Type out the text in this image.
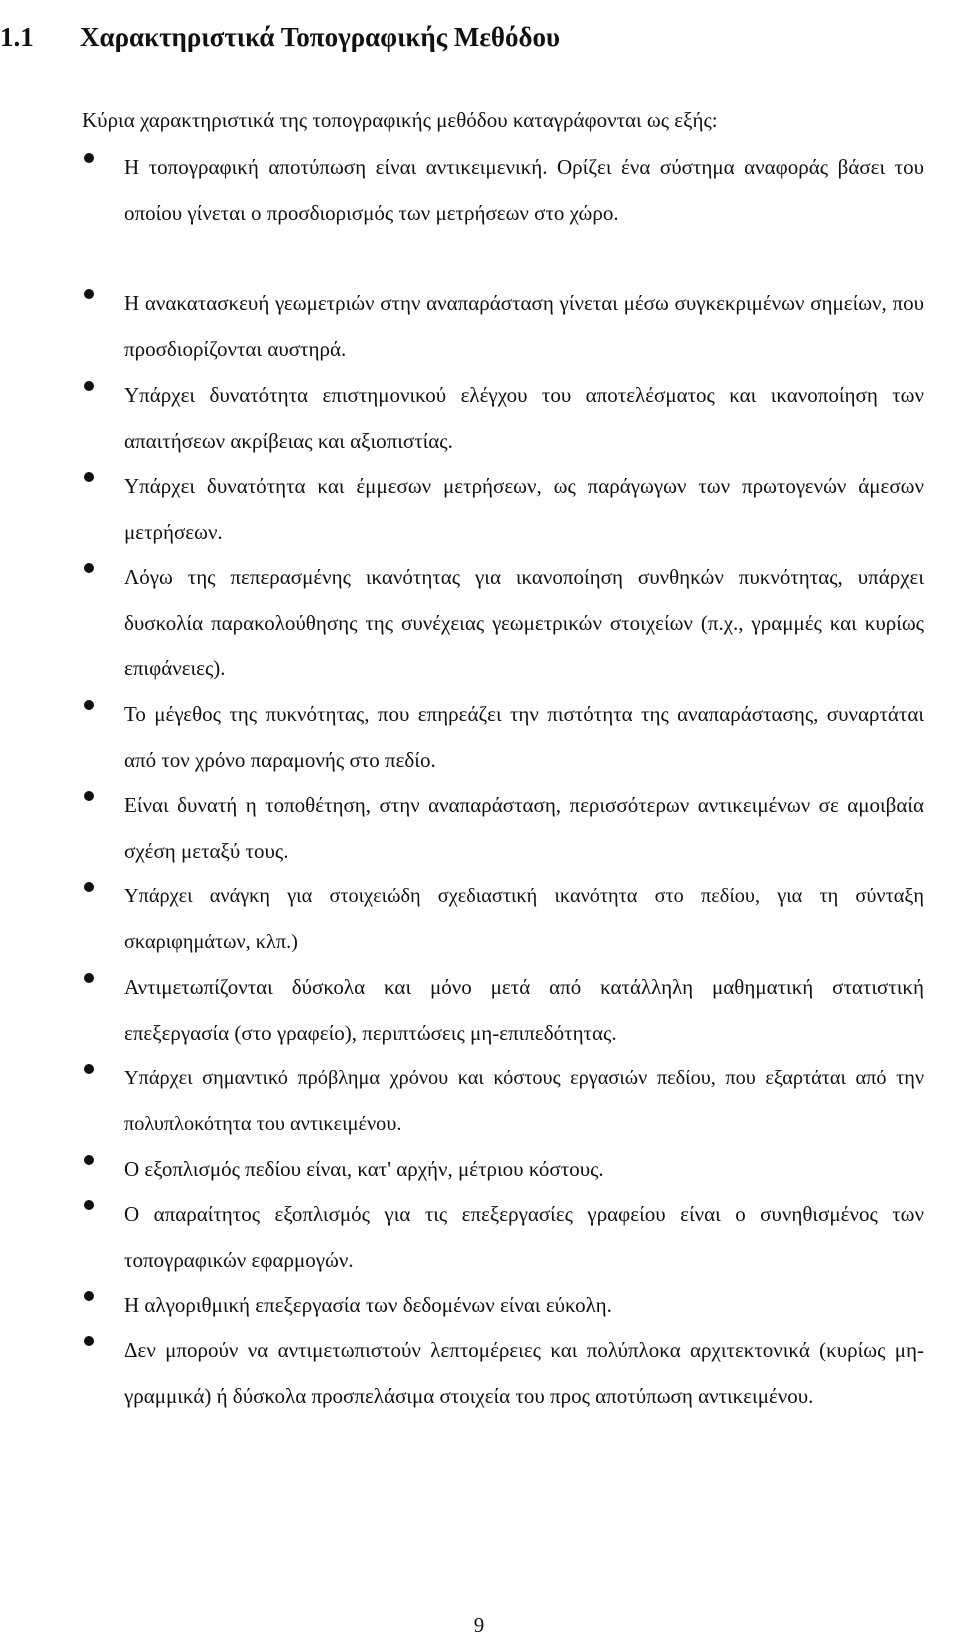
1.1 Χαρακτηριστικά Τοπογραφικής Μεθόδου

Κύρια χαρακτηριστικά της τοπογραφικής μεθόδου καταγράφονται ως εξής:

Η τοπογραφική αποτύπωση είναι αντικειμενική. Ορίζει ένα σύστημα αναφοράς βάσει του οποίου γίνεται ο προσδιορισμός των μετρήσεων στο χώρο.

Η ανακατασκευή γεωμετριών στην αναπαράσταση γίνεται μέσω συγκεκριμένων σημείων, που προσδιορίζονται αυστηρά.

Υπάρχει δυνατότητα επιστημονικού ελέγχου του αποτελέσματος και ικανοποίηση των απαιτήσεων ακρίβειας και αξιοπιστίας.

Υπάρχει δυνατότητα και έμμεσων μετρήσεων, ως παράγωγων των πρωτογενών άμεσων μετρήσεων.

Λόγω της πεπερασμένης ικανότητας για ικανοποίηση συνθηκών πυκνότητας, υπάρχει δυσκολία παρακολούθησης της συνέχειας γεωμετρικών στοιχείων (π.χ., γραμμές και κυρίως επιφάνειες).

Το μέγεθος της πυκνότητας, που επηρεάζει την πιστότητα της αναπαράστασης, συναρτάται από τον χρόνο παραμονής στο πεδίο.

Είναι δυνατή η τοποθέτηση, στην αναπαράσταση, περισσότερων αντικειμένων σε αμοιβαία σχέση μεταξύ τους.

Υπάρχει ανάγκη για στοιχειώδη σχεδιαστική ικανότητα στο πεδίου, για τη σύνταξη σκαριφημάτων, κλπ.)

Αντιμετωπίζονται δύσκολα και μόνο μετά από κατάλληλη μαθηματική στατιστική επεξεργασία (στο γραφείο), περιπτώσεις μη-επιπεδότητας.

Υπάρχει σημαντικό πρόβλημα χρόνου και κόστους εργασιών πεδίου, που εξαρτάται από την πολυπλοκότητα του αντικειμένου.

Ο εξοπλισμός πεδίου είναι, κατ' αρχήν, μέτριου κόστους.

Ο απαραίτητος εξοπλισμός για τις επεξεργασίες γραφείου είναι ο συνηθισμένος των τοπογραφικών εφαρμογών.

Η αλγοριθμική επεξεργασία των δεδομένων είναι εύκολη.

Δεν μπορούν να αντιμετωπιστούν λεπτομέρειες και πολύπλοκα αρχιτεκτονικά (κυρίως μη-γραμμικά) ή δύσκολα προσπελάσιμα στοιχεία του προς αποτύπωση αντικειμένου.

9
